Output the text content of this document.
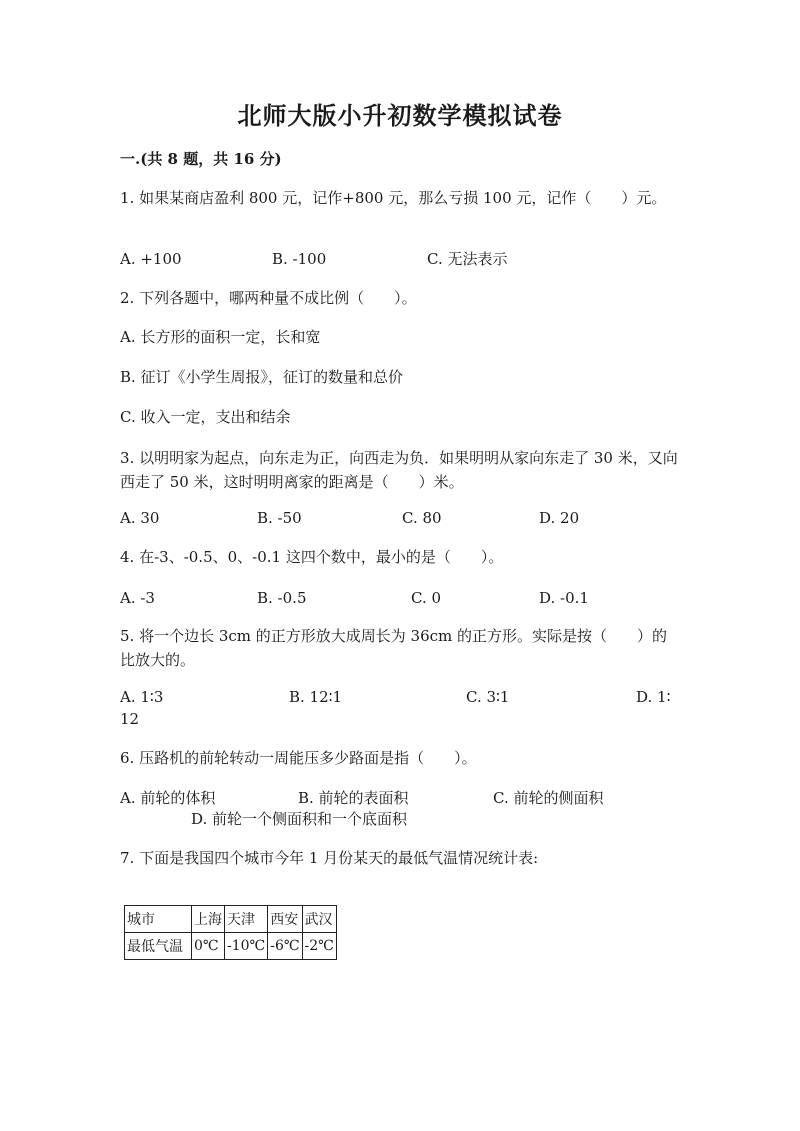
北师大版小升初数学模拟试卷
一.(共 8 题，共 16 分)
1. 如果某商店盈利 800 元，记作+800 元，那么亏损 100 元，记作（　　）元。
A. +100	B. -100	C. 无法表示
2. 下列各题中，哪两种量不成比例（　　）。
A. 长方形的面积一定，长和宽
B. 征订《小学生周报》，征订的数量和总价
C. 收入一定，支出和结余
3. 以明明家为起点，向东走为正，向西走为负．如果明明从家向东走了 30 米，又向西走了 50 米，这时明明离家的距离是（　　）米。
A. 30	B. -50	C. 80	D. 20
4. 在-3、-0.5、0、-0.1 这四个数中，最小的是（　　）。
A. -3	B. -0.5	C. 0	D. -0.1
5. 将一个边长 3cm 的正方形放大成周长为 36cm 的正方形。实际是按（　　）的比放大的。
A. 1∶3	B. 12∶1	C. 3∶1	D. 1∶
12
6. 压路机的前轮转动一周能压多少路面是指（　　）。
A. 前轮的体积	B. 前轮的表面积	C. 前轮的侧面积
D. 前轮一个侧面积和一个底面积
7. 下面是我国四个城市今年 1 月份某天的最低气温情况统计表:
城市	上海	天津	西安	武汉
最低气温	0℃	-10℃	-6℃	-2℃
